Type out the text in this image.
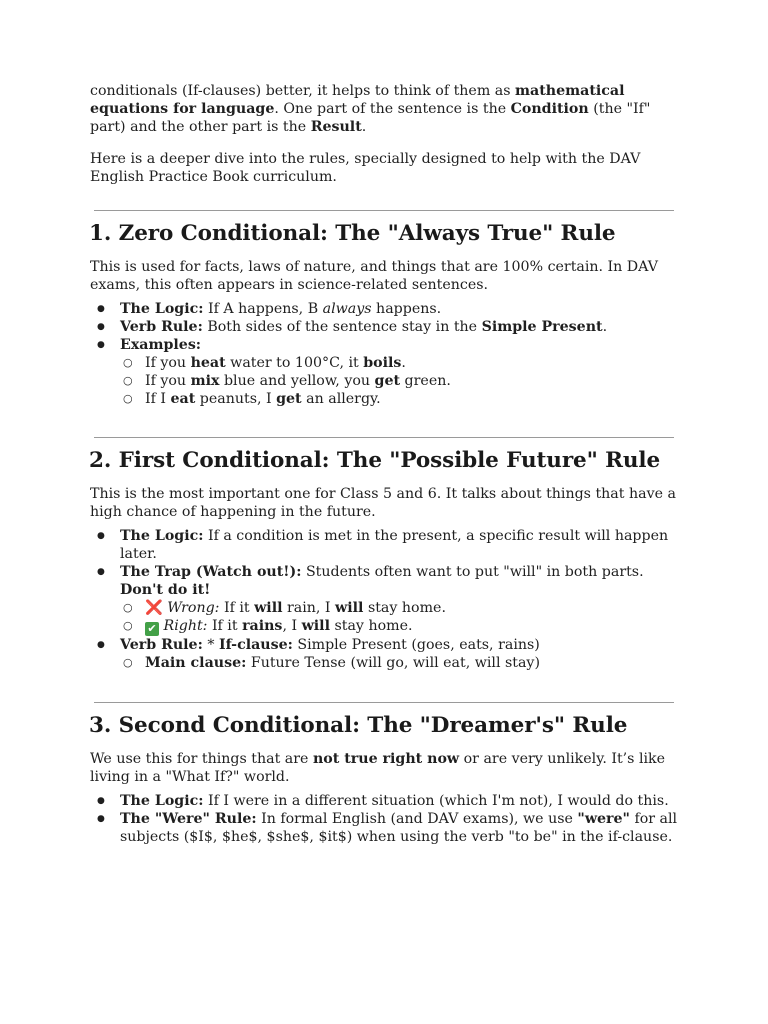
conditionals (If-clauses) better, it helps to think of them as mathematical equations for language. One part of the sentence is the Condition (the "If" part) and the other part is the Result.

Here is a deeper dive into the rules, specially designed to help with the DAV English Practice Book curriculum.

1. Zero Conditional: The "Always True" Rule

This is used for facts, laws of nature, and things that are 100% certain. In DAV exams, this often appears in science-related sentences.

● The Logic: If A happens, B always happens.
● Verb Rule: Both sides of the sentence stay in the Simple Present.
● Examples:
○ If you heat water to 100°C, it boils.
○ If you mix blue and yellow, you get green.
○ If I eat peanuts, I get an allergy.
2. First Conditional: The "Possible Future" Rule

This is the most important one for Class 5 and 6. It talks about things that have a high chance of happening in the future.

● The Logic: If a condition is met in the present, a specific result will happen later.
● The Trap (Watch out!): Students often want to put "will" in both parts. Don't do it!
○ ❌ Wrong: If it will rain, I will stay home.
○ ✔ Right: If it rains, I will stay home.
● Verb Rule: * If-clause: Simple Present (goes, eats, rains)
○ Main clause: Future Tense (will go, will eat, will stay)
3. Second Conditional: The "Dreamer's" Rule

We use this for things that are not true right now or are very unlikely. It’s like living in a "What If?" world.

● The Logic: If I were in a different situation (which I'm not), I would do this.
● The "Were" Rule: In formal English (and DAV exams), we use "were" for all subjects ($I$, $he$, $she$, $it$) when using the verb "to be" in the if-clause.
